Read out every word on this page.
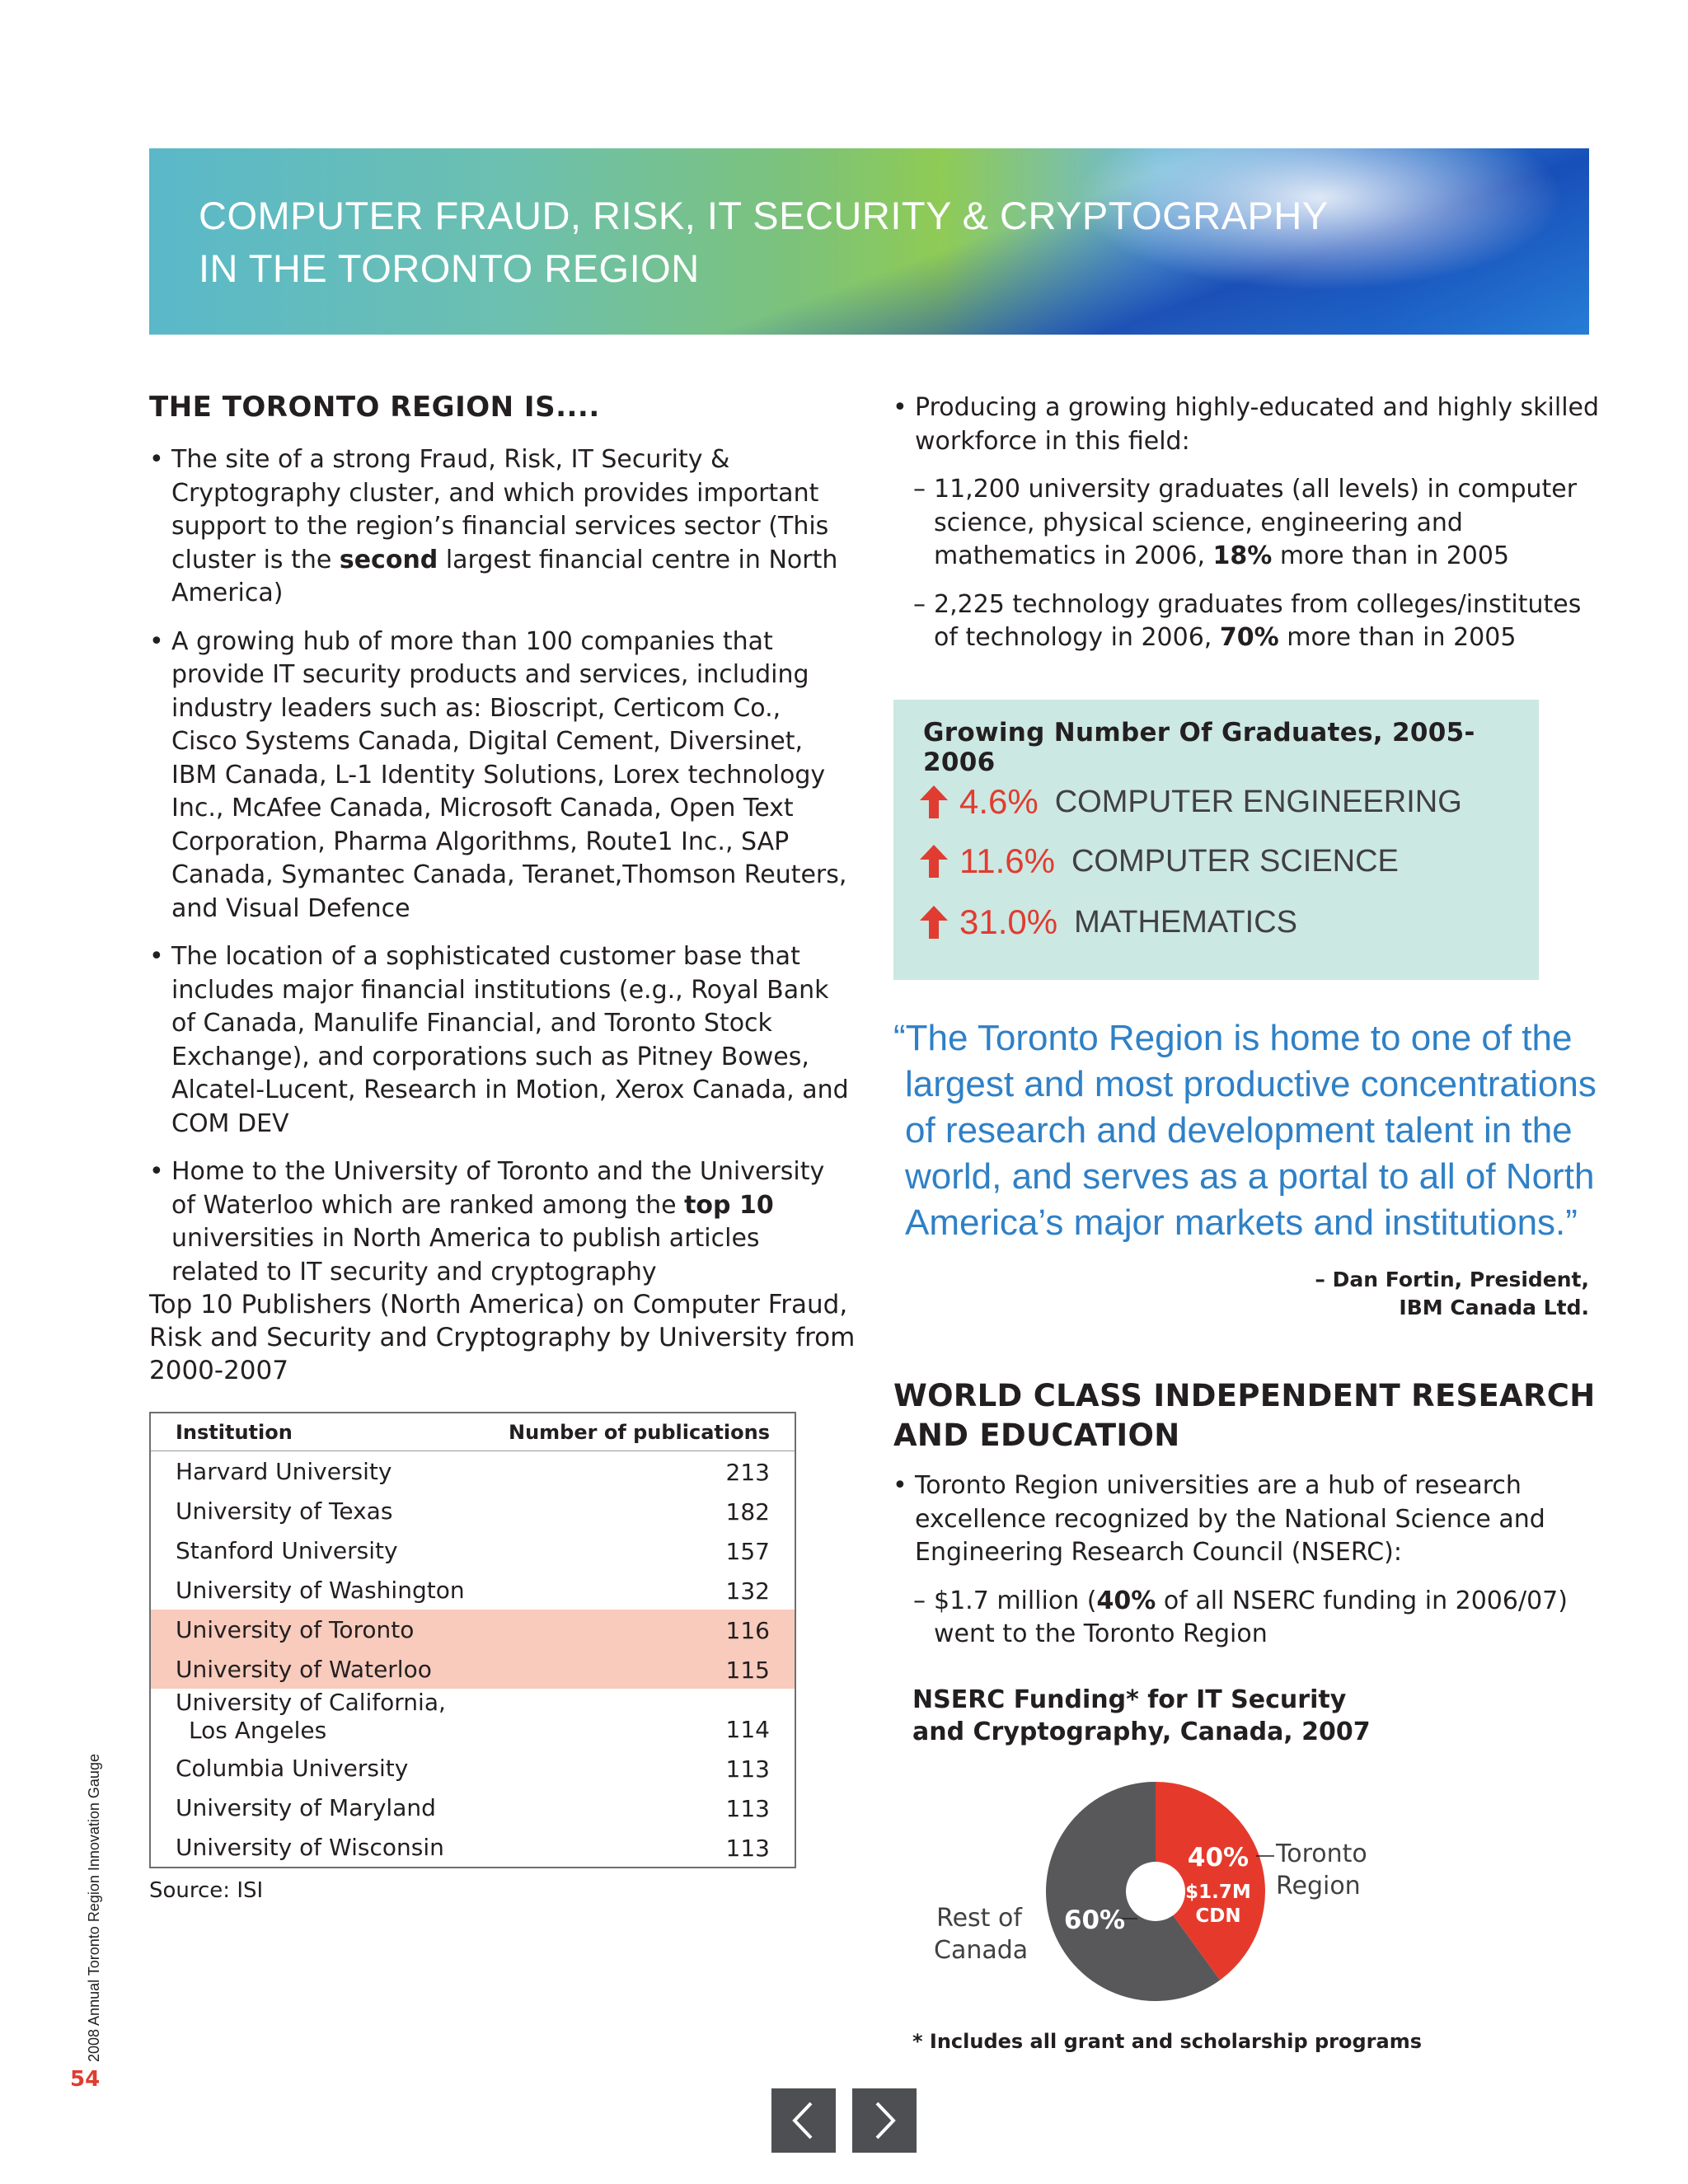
COMPUTER FRAUD, RISK, IT SECURITY & CRYPTOGRAPHY
IN THE TORONTO REGION
THE TORONTO REGION IS....

• The site of a strong Fraud, Risk, IT Security & Cryptography cluster, and which provides important support to the region’s financial services sector (This cluster is the second largest financial centre in North America)

• A growing hub of more than 100 companies that provide IT security products and services, including industry leaders such as: Bioscript, Certicom Co., Cisco Systems Canada, Digital Cement, Diversinet, IBM Canada, L-1 Identity Solutions, Lorex technology Inc., McAfee Canada, Microsoft Canada, Open Text Corporation, Pharma Algorithms, Route1 Inc., SAP Canada, Symantec Canada, Teranet,Thomson Reuters, and Visual Defence

• The location of a sophisticated customer base that includes major financial institutions (e.g., Royal Bank of Canada, Manulife Financial, and Toronto Stock Exchange), and corporations such as Pitney Bowes, Alcatel-Lucent, Research in Motion, Xerox Canada, and COM DEV

• Home to the University of Toronto and the University of Waterloo which are ranked among the top 10 universities in North America to publish articles related to IT security and cryptography

Top 10 Publishers (North America) on Computer Fraud, Risk and Security and Cryptography by University from 2000-2007

Institution	Number of publications
Harvard University	213
University of Texas	182
Stanford University	157
University of Washington	132
University of Toronto	116
University of Waterloo	115
University of California,
Los Angeles	114
Columbia University	113
University of Maryland	113
University of Wisconsin	113

Source: ISI

• Producing a growing highly-educated and highly skilled workforce in this field:

– 11,200 university graduates (all levels) in computer science, physical science, engineering and mathematics in 2006, 18% more than in 2005

– 2,225 technology graduates from colleges/institutes of technology in 2006, 70% more than in 2005

Growing Number Of Graduates, 2005-2006

4.6% COMPUTER ENGINEERING
11.6% COMPUTER SCIENCE
31.0% MATHEMATICS

“The Toronto Region is home to one of the largest and most productive concentrations of research and development talent in the world, and serves as a portal to all of North America’s major markets and institutions.”

– Dan Fortin, President,
IBM Canada Ltd.

WORLD CLASS INDEPENDENT RESEARCH
AND EDUCATION

• Toronto Region universities are a hub of research excellence recognized by the National Science and Engineering Research Council (NSERC):

– $1.7 million (40% of all NSERC funding in 2006/07) went to the Toronto Region

NSERC Funding* for IT Security and Cryptography, Canada, 2007

40%
$1.7M
CDN
60%
Toronto
Region
Rest of
Canada

* Includes all grant and scholarship programs

2008 Annual Toronto Region Innovation Gauge

54
